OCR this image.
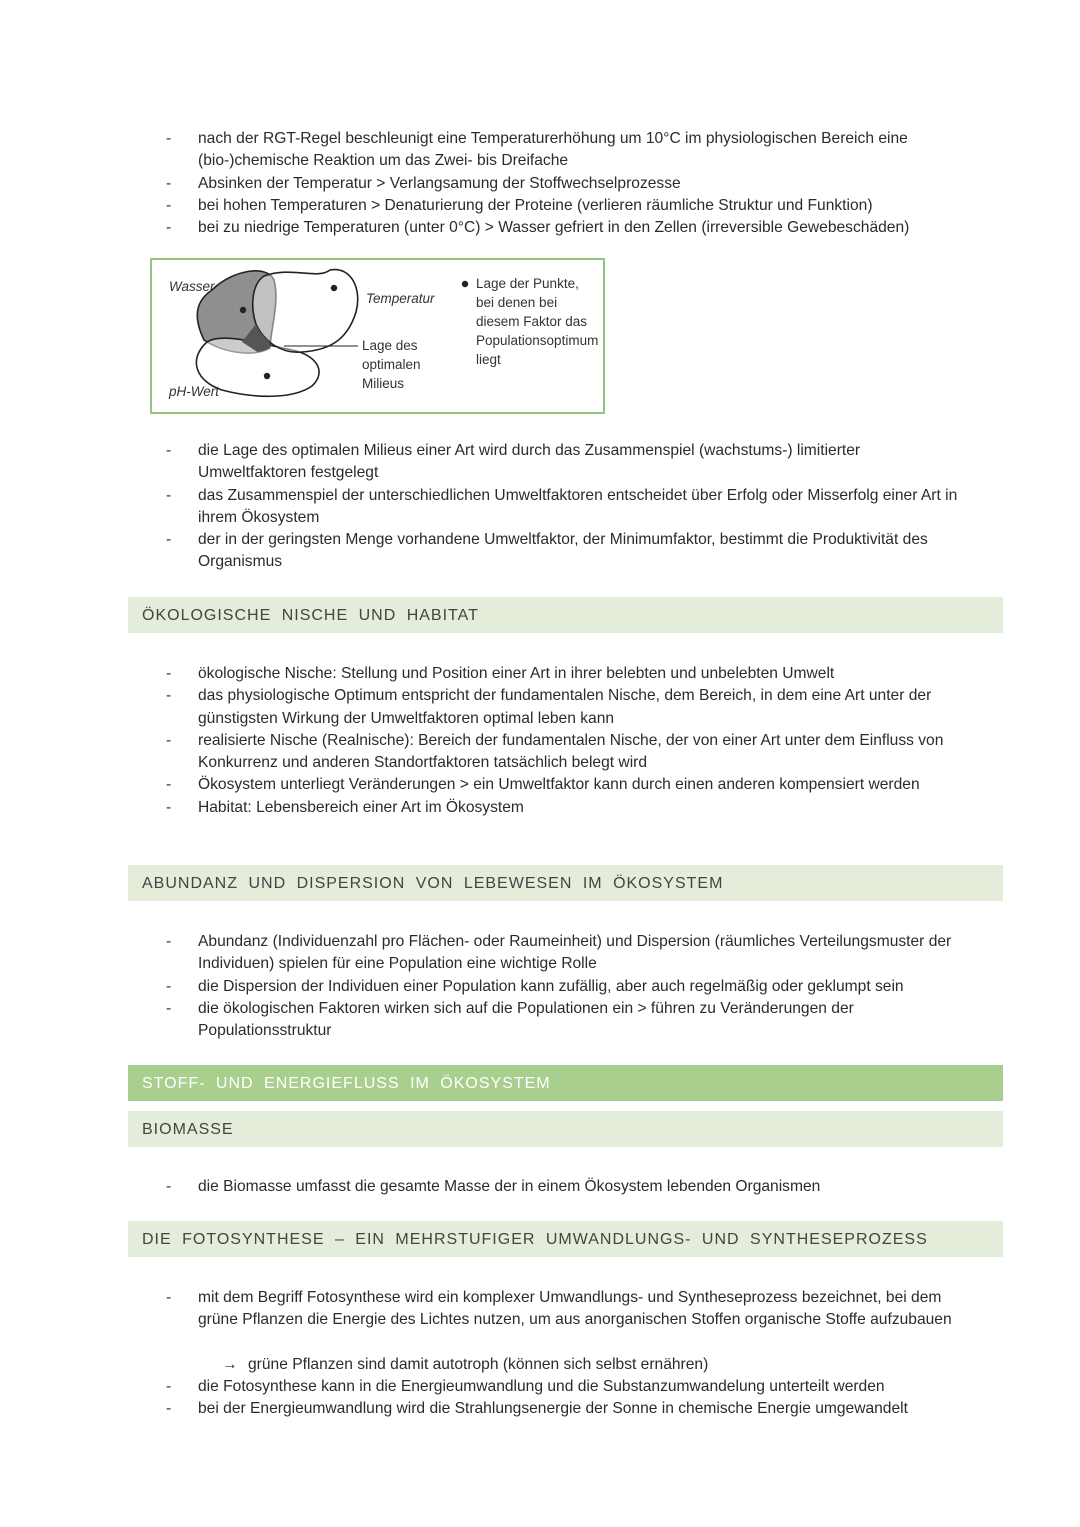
- nach der RGT-Regel beschleunigt eine Temperaturerhöhung um 10°C im physiologischen Bereich eine (bio-)chemische Reaktion um das Zwei- bis Dreifache
- Absinken der Temperatur > Verlangsamung der Stoffwechselprozesse
- bei hohen Temperaturen > Denaturierung der Proteine (verlieren räumliche Struktur und Funktion)
- bei zu niedrige Temperaturen (unter 0°C) > Wasser gefriert in den Zellen (irreversible Gewebeschäden)
Wasser
Temperatur
pH-Wert
Lage des
optimalen
Milieus
Lage der Punkte,
bei denen bei
diesem Faktor das
Populationsoptimum
liegt
- die Lage des optimalen Milieus einer Art wird durch das Zusammenspiel (wachstums-) limitierter Umweltfaktoren festgelegt
- das Zusammenspiel der unterschiedlichen Umweltfaktoren entscheidet über Erfolg oder Misserfolg einer Art in ihrem Ökosystem
- der in der geringsten Menge vorhandene Umweltfaktor, der Minimumfaktor, bestimmt die Produktivität des Organismus
ÖKOLOGISCHE NISCHE UND HABITAT
- ökologische Nische: Stellung und Position einer Art in ihrer belebten und unbelebten Umwelt
- das physiologische Optimum entspricht der fundamentalen Nische, dem Bereich, in dem eine Art unter der günstigsten Wirkung der Umweltfaktoren optimal leben kann
- realisierte Nische (Realnische): Bereich der fundamentalen Nische, der von einer Art unter dem Einfluss von Konkurrenz und anderen Standortfaktoren tatsächlich belegt wird
- Ökosystem unterliegt Veränderungen > ein Umweltfaktor kann durch einen anderen kompensiert werden
- Habitat: Lebensbereich einer Art im Ökosystem
ABUNDANZ UND DISPERSION VON LEBEWESEN IM ÖKOSYSTEM
- Abundanz (Individuenzahl pro Flächen- oder Raumeinheit) und Dispersion (räumliches Verteilungsmuster der Individuen) spielen für eine Population eine wichtige Rolle
- die Dispersion der Individuen einer Population kann zufällig, aber auch regelmäßig oder geklumpt sein
- die ökologischen Faktoren wirken sich auf die Populationen ein > führen zu Veränderungen der Populationsstruktur
STOFF- UND ENERGIEFLUSS IM ÖKOSYSTEM
BIOMASSE
- die Biomasse umfasst die gesamte Masse der in einem Ökosystem lebenden Organismen
DIE FOTOSYNTHESE – EIN MEHRSTUFIGER UMWANDLUNGS- UND SYNTHESEPROZESS
- mit dem Begriff Fotosynthese wird ein komplexer Umwandlungs- und Syntheseprozess bezeichnet, bei dem grüne Pflanzen die Energie des Lichtes nutzen, um aus anorganischen Stoffen organische Stoffe aufzubauen
→ grüne Pflanzen sind damit autotroph (können sich selbst ernähren)
- die Fotosynthese kann in die Energieumwandlung und die Substanzumwandelung unterteilt werden
- bei der Energieumwandlung wird die Strahlungsenergie der Sonne in chemische Energie umgewandelt
